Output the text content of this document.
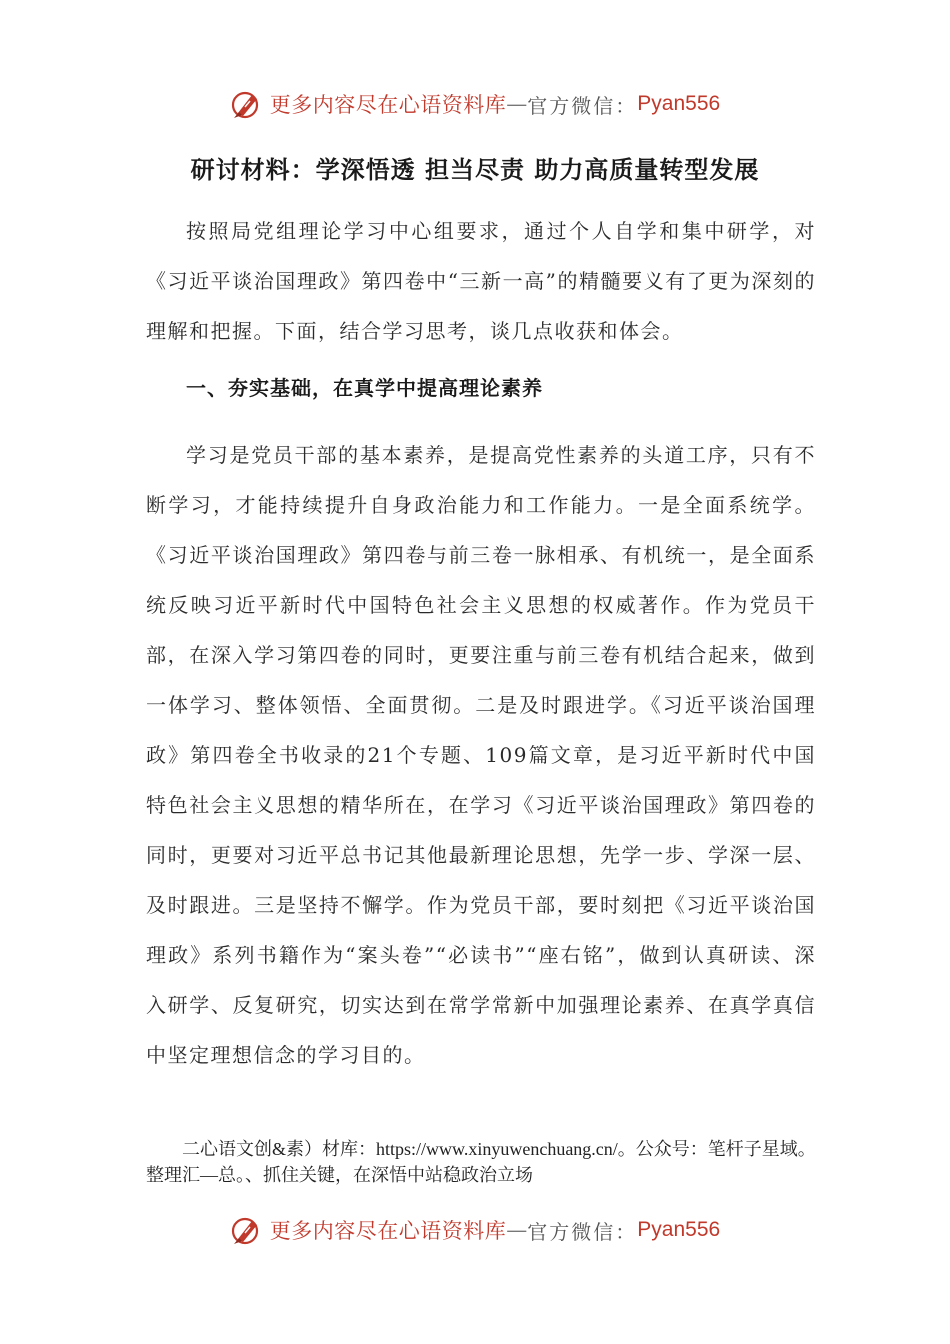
更多内容尽在心语资料库 — 官方微信： Pyan556
研讨材料：学深悟透 担当尽责 助力高质量转型发展

按照局党组理论学习中心组要求，通过个人自学和集中研学，对《习近平谈治国理政》第四卷中“三新一高”的精髓要义有了更为深刻的理解和把握。下面，结合学习思考，谈几点收获和体会。

一、夯实基础，在真学中提高理论素养

学习是党员干部的基本素养，是提高党性素养的头道工序，只有不断学习，才能持续提升自身政治能力和工作能力。一是全面系统学。《习近平谈治国理政》第四卷与前三卷一脉相承、有机统一，是全面系统反映习近平新时代中国特色社会主义思想的权威著作。作为党员干部，在深入学习第四卷的同时，更要注重与前三卷有机结合起来，做到一体学习、整体领悟、全面贯彻。二是及时跟进学。《习近平谈治国理政》第四卷全书收录的21个专题、109篇文章，是习近平新时代中国特色社会主义思想的精华所在，在学习《习近平谈治国理政》第四卷的同时，更要对习近平总书记其他最新理论思想，先学一步、学深一层、及时跟进。三是坚持不懈学。作为党员干部，要时刻把《习近平谈治国理政》系列书籍作为“案头卷”“必读书”“座右铭”，做到认真研读、深入研学、反复研究，切实达到在常学常新中加强理论素养、在真学真信中坚定理想信念的学习目的。

二心语文创&素）材库：https://www.xinyuwenchuang.cn/。公众号：笔杆子星域。整理汇—总。、抓住关键，在深悟中站稳政治立场

更多内容尽在心语资料库 — 官方微信： Pyan556
